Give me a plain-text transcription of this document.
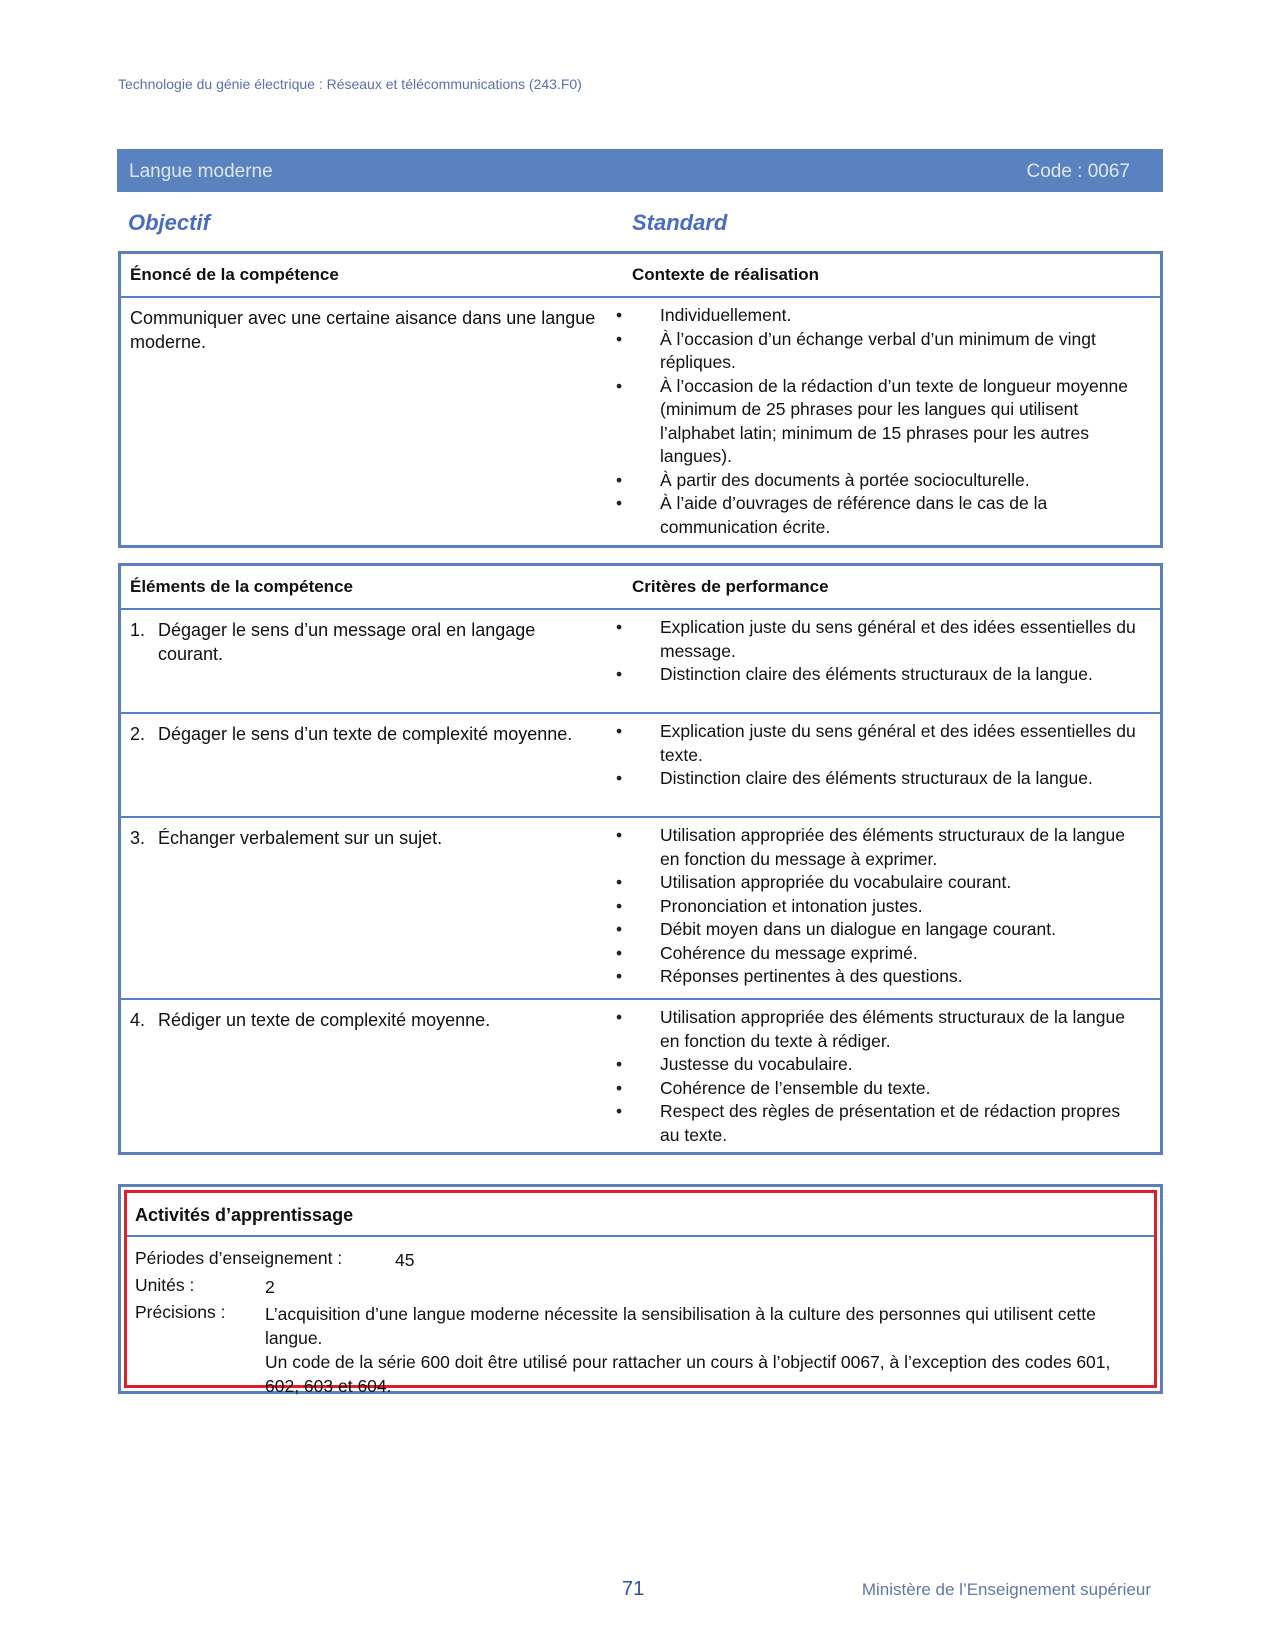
Technologie du génie électrique : Réseaux et télécommunications (243.F0)
Langue moderne	Code : 0067
Objectif	Standard
Énoncé de la compétence	Contexte de réalisation
Communiquer avec une certaine aisance dans une langue moderne.
• Individuellement.
• À l’occasion d’un échange verbal d’un minimum de vingt répliques.
• À l’occasion de la rédaction d’un texte de longueur moyenne (minimum de 25 phrases pour les langues qui utilisent l’alphabet latin; minimum de 15 phrases pour les autres langues).
• À partir des documents à portée socioculturelle.
• À l’aide d’ouvrages de référence dans le cas de la communication écrite.
Éléments de la compétence	Critères de performance
1. Dégager le sens d’un message oral en langage courant.
• Explication juste du sens général et des idées essentielles du message.
• Distinction claire des éléments structuraux de la langue.
2. Dégager le sens d’un texte de complexité moyenne.	• Explication juste du sens général et des idées essentielles du texte.
• Distinction claire des éléments structuraux de la langue.
3. Échanger verbalement sur un sujet.	• Utilisation appropriée des éléments structuraux de la langue en fonction du message à exprimer.
• Utilisation appropriée du vocabulaire courant.
• Prononciation et intonation justes.
• Débit moyen dans un dialogue en langage courant.
• Cohérence du message exprimé.
• Réponses pertinentes à des questions.
4. Rédiger un texte de complexité moyenne.	• Utilisation appropriée des éléments structuraux de la langue en fonction du texte à rédiger.
• Justesse du vocabulaire.
• Cohérence de l’ensemble du texte.
• Respect des règles de présentation et de rédaction propres au texte.
Activités d’apprentissage
Périodes d’enseignement :	45
Unités :	2
Précisions : L’acquisition d’une langue moderne nécessite la sensibilisation à la culture des personnes qui utilisent cette langue.
Un code de la série 600 doit être utilisé pour rattacher un cours à l’objectif 0067, à l’exception des codes 601, 602, 603 et 604.
71	Ministère de l’Enseignement supérieur
